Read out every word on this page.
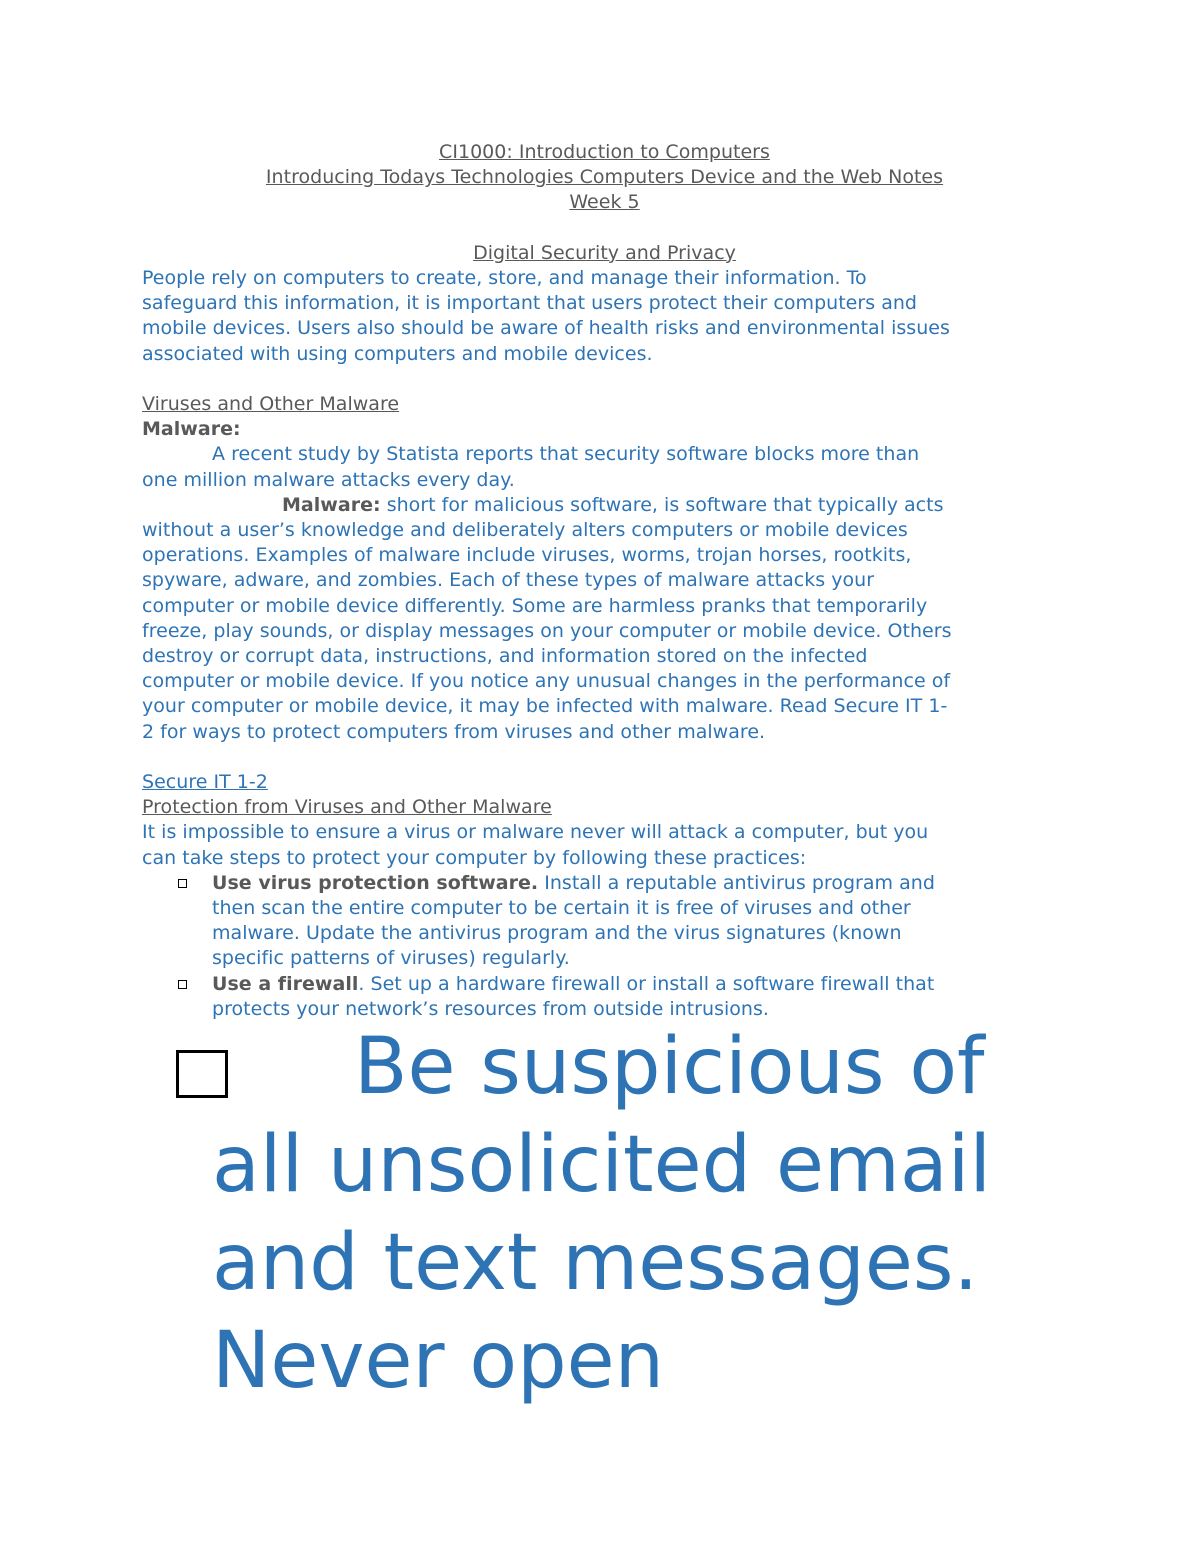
CI1000: Introduction to Computers
Introducing Todays Technologies Computers Device and the Web Notes
Week 5
Digital Security and Privacy
People rely on computers to create, store, and manage their information. To
safeguard this information, it is important that users protect their computers and
mobile devices. Users also should be aware of health risks and environmental issues
associated with using computers and mobile devices.
Viruses and Other Malware
Malware:
A recent study by Statista reports that security software blocks more than
one million malware attacks every day.
Malware: short for malicious software, is software that typically acts
without a user’s knowledge and deliberately alters computers or mobile devices
operations. Examples of malware include viruses, worms, trojan horses, rootkits,
spyware, adware, and zombies. Each of these types of malware attacks your
computer or mobile device differently. Some are harmless pranks that temporarily
freeze, play sounds, or display messages on your computer or mobile device. Others
destroy or corrupt data, instructions, and information stored on the infected
computer or mobile device. If you notice any unusual changes in the performance of
your computer or mobile device, it may be infected with malware. Read Secure IT 1-
2 for ways to protect computers from viruses and other malware.
Secure IT 1-2
Protection from Viruses and Other Malware
It is impossible to ensure a virus or malware never will attack a computer, but you
can take steps to protect your computer by following these practices:
Use virus protection software. Install a reputable antivirus program and
then scan the entire computer to be certain it is free of viruses and other
malware. Update the antivirus program and the virus signatures (known
specific patterns of viruses) regularly.
Use a firewall. Set up a hardware firewall or install a software firewall that
protects your network’s resources from outside intrusions.
Be suspicious of
all unsolicited email
and text messages.
Never open
